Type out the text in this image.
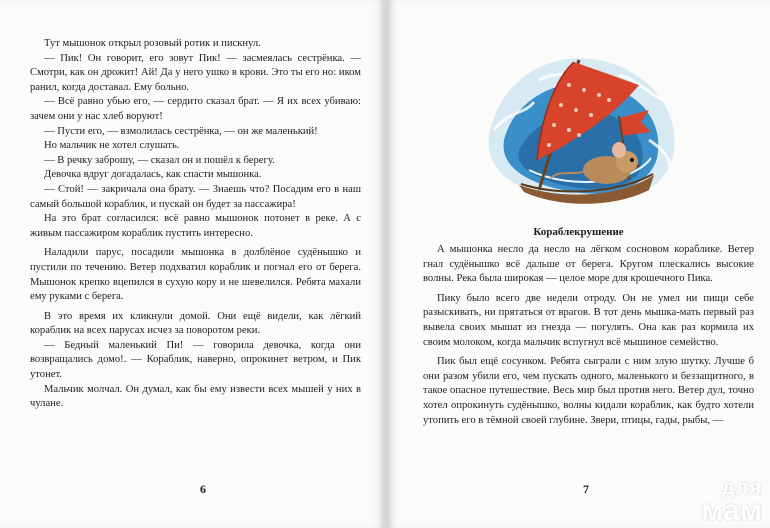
Тут мышонок открыл розовый ротик и пискнул.

— Пик! Он говорит, его зовут Пик! — засмеялась сестрёнка. — Смотри, как он дрожит! Ай! Да у него ушко в крови. Это ты его но: иком ранил, когда доставал. Ему больно.

— Всё равно убью его, — сердито сказал брат. — Я их всех убиваю: зачем они у нас хлеб воруют!

— Пусти его, — взмолилась сестрёнка, — он же маленький!

Но мальчик не хотел слушать.

— В речку заброшу, — сказал он и пошёл к берегу.

Девочка вдруг догадалась, как спасти мышонка.

— Стой! — закричала она брату. — Знаешь что? Посадим его в наш самый большой кораблик, и пускай он будет за пассажира!

На это брат согласился: всё равно мышонок потонет в реке. А с живым пассажиром кораблик пустить интересно.

Наладили парус, посадили мышонка в долблёное судёнышко и пустили по течению. Ветер подхватил кораблик и погнал его от берега. Мышонок крепко вцепился в сухую кору и не шевелился. Ребята махали ему руками с берега.

В это время их кликнули домой. Они ещё видели, как лёгкий кораблик на всех парусах исчез за поворотом реки.

— Бедный маленький Пи! — говорила девочка, когда они возвращались домо!. — Кораблик, наверно, опрокинет ветром, и Пик утонет.

Мальчик молчал. Он думал, как бы ему извести всех мышей у них в чулане.

6
Кораблекрушение

А мышонка несло да несло на лёгком сосновом кораблике. Ветер гнал судёнышко всё дальше от берега. Кругом плескались высокие волны. Река была широкая — целое море для крошечного Пика.

Пику было всего две недели отроду. Он не умел ни пищи себе разыскивать, ни прятаться от врагов. В тот день мышка-мать первый раз вывела своих мышат из гнезда — погулять. Она как раз кормила их своим молоком, когда мальчик вспугнул всё мышиное семейство.

Пик был ещё сосунком. Ребята сыграли с ним злую шутку. Лучше б они разом убили его, чем пускать одного, маленького и беззащитного, в такое опасное путешествие. Весь мир был против него. Ветер дул, точно хотел опрокинуть судёнышко, волны кидали кораблик, как будто хотели утопить его в тёмной своей глубине. Звери, птицы, гады, рыбы, —

7	для
мам
